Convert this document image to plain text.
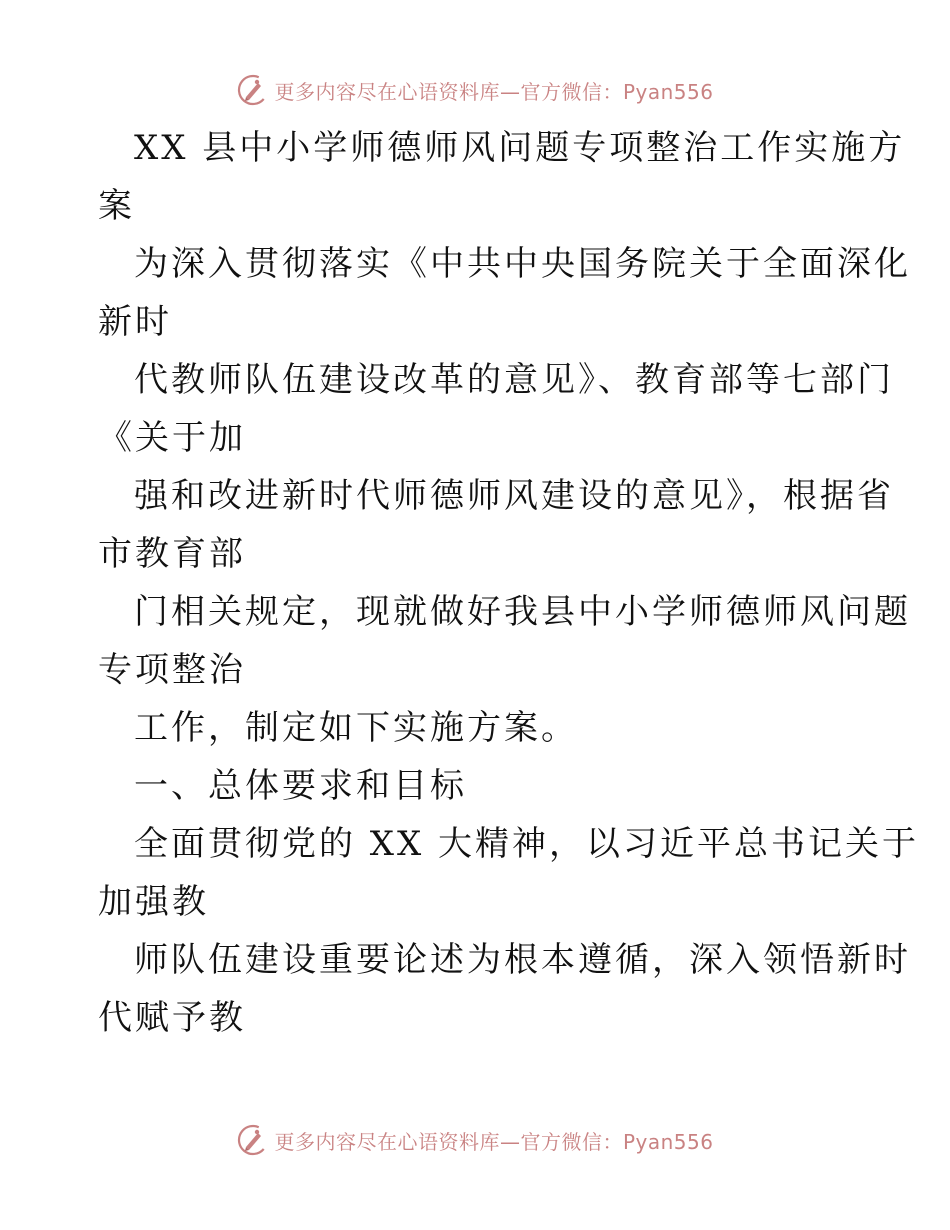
更多内容尽在心语资料库—官方微信：Pyan556
XX 县中小学师德师风问题专项整治工作实施方
案
为深入贯彻落实《中共中央国务院关于全面深化
新时
代教师队伍建设改革的意见》、教育部等七部门
《关于加
强和改进新时代师德师风建设的意见》，根据省
市教育部
门相关规定，现就做好我县中小学师德师风问题
专项整治
工作，制定如下实施方案。
一、总体要求和目标
全面贯彻党的 XX 大精神，以习近平总书记关于
加强教
师队伍建设重要论述为根本遵循，深入领悟新时
代赋予教
更多内容尽在心语资料库—官方微信：Pyan556
